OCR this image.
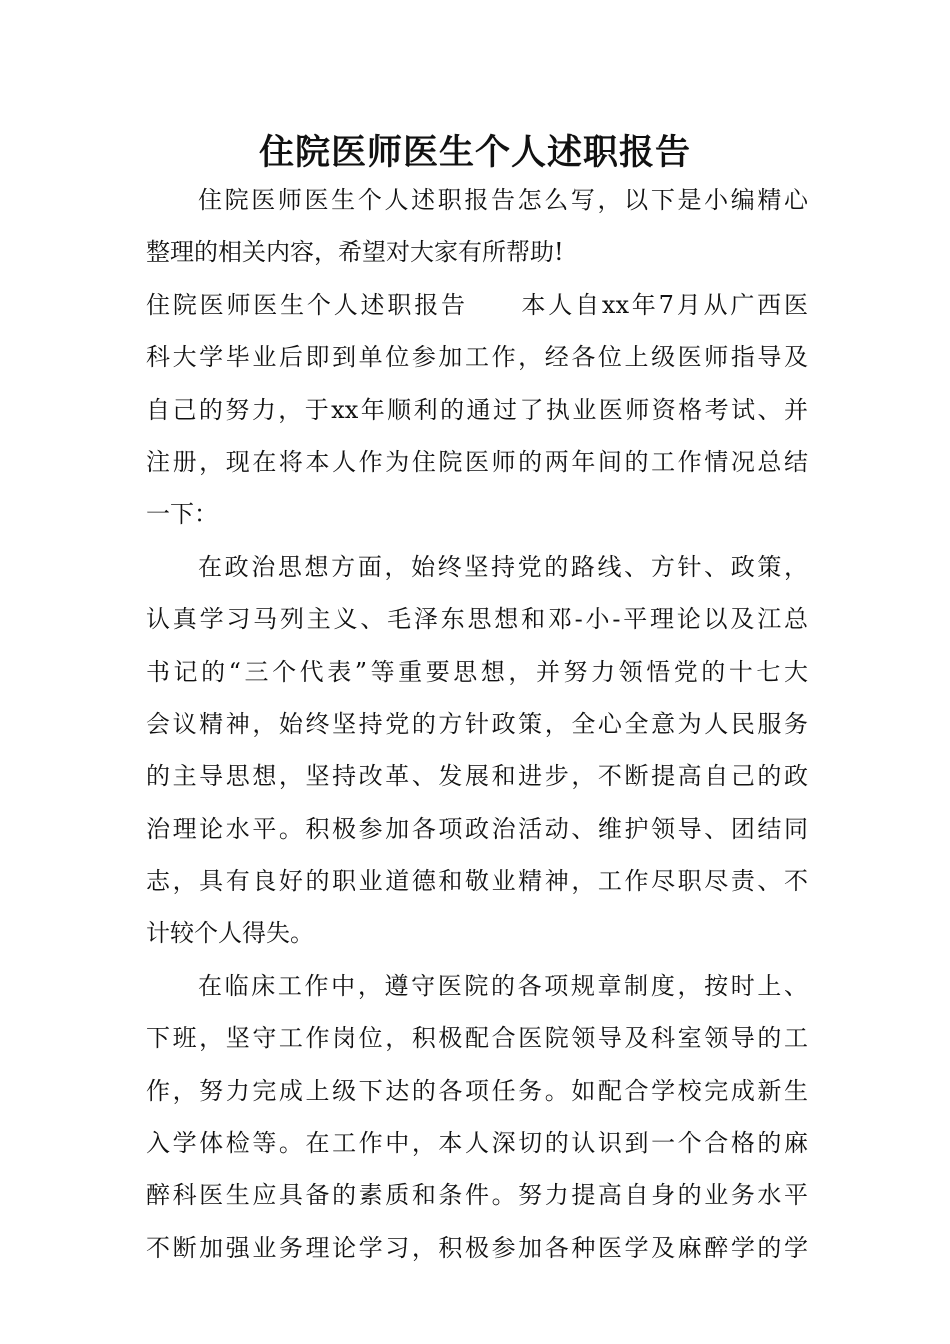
住院医师医生个人述职报告
住院医师医生个人述职报告怎么写，以下是小编精心
整理的相关内容，希望对大家有所帮助!
住院医师医生个人述职报告　　本人自xx年7月从广西医
科大学毕业后即到单位参加工作，经各位上级医师指导及
自己的努力，于xx年顺利的通过了执业医师资格考试、并
注册，现在将本人作为住院医师的两年间的工作情况总结
一下：
在政治思想方面，始终坚持党的路线、方针、政策，
认真学习马列主义、毛泽东思想和邓-小-平理论以及江总
书记的“三个代表”等重要思想，并努力领悟党的十七大
会议精神，始终坚持党的方针政策，全心全意为人民服务
的主导思想，坚持改革、发展和进步，不断提高自己的政
治理论水平。积极参加各项政治活动、维护领导、团结同
志，具有良好的职业道德和敬业精神，工作尽职尽责、不
计较个人得失。
在临床工作中，遵守医院的各项规章制度，按时上、
下班，坚守工作岗位，积极配合医院领导及科室领导的工
作，努力完成上级下达的各项任务。如配合学校完成新生
入学体检等。在工作中，本人深切的认识到一个合格的麻
醉科医生应具备的素质和条件。努力提高自身的业务水平
不断加强业务理论学习，积极参加各种医学及麻醉学的学
